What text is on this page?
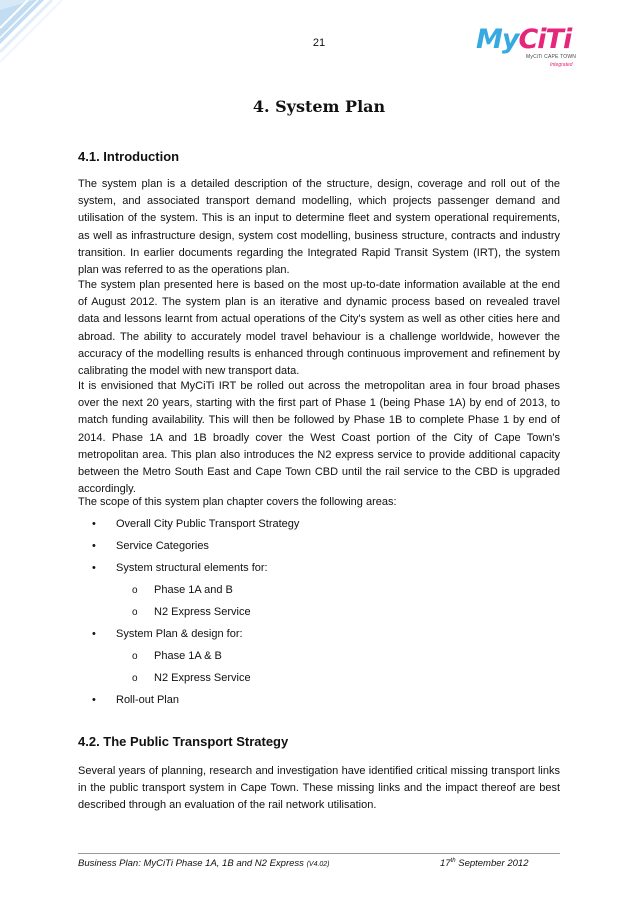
21	MyCiTi
MyCiTi CAPE TOWN
Integrated
4. System Plan

4.1. Introduction

The system plan is a detailed description of the structure, design, coverage and roll out of the system, and associated transport demand modelling, which projects passenger demand and utilisation of the system. This is an input to determine fleet and system operational requirements, as well as infrastructure design, system cost modelling, business structure, contracts and industry transition. In earlier documents regarding the Integrated Rapid Transit System (IRT), the system plan was referred to as the operations plan.

The system plan presented here is based on the most up-to-date information available at the end of August 2012. The system plan is an iterative and dynamic process based on revealed travel data and lessons learnt from actual operations of the City's system as well as other cities here and abroad. The ability to accurately model travel behaviour is a challenge worldwide, however the accuracy of the modelling results is enhanced through continuous improvement and refinement by calibrating the model with new transport data.

It is envisioned that MyCiTi IRT be rolled out across the metropolitan area in four broad phases over the next 20 years, starting with the first part of Phase 1 (being Phase 1A) by end of 2013, to match funding availability. This will then be followed by Phase 1B to complete Phase 1 by end of 2014. Phase 1A and 1B broadly cover the West Coast portion of the City of Cape Town's metropolitan area. This plan also introduces the N2 express service to provide additional capacity between the Metro South East and Cape Town CBD until the rail service to the CBD is upgraded accordingly.

The scope of this system plan chapter covers the following areas:

• Overall City Public Transport Strategy
• Service Categories
• System structural elements for:
o Phase 1A and B
o N2 Express Service
• System Plan & design for:
o Phase 1A & B
o N2 Express Service
• Roll-out Plan

4.2. The Public Transport Strategy

Several years of planning, research and investigation have identified critical missing transport links in the public transport system in Cape Town. These missing links and the impact thereof are best described through an evaluation of the rail network utilisation.

Business Plan: MyCiTi Phase 1A, 1B and N2 Express (V4.02)	17th September 2012
